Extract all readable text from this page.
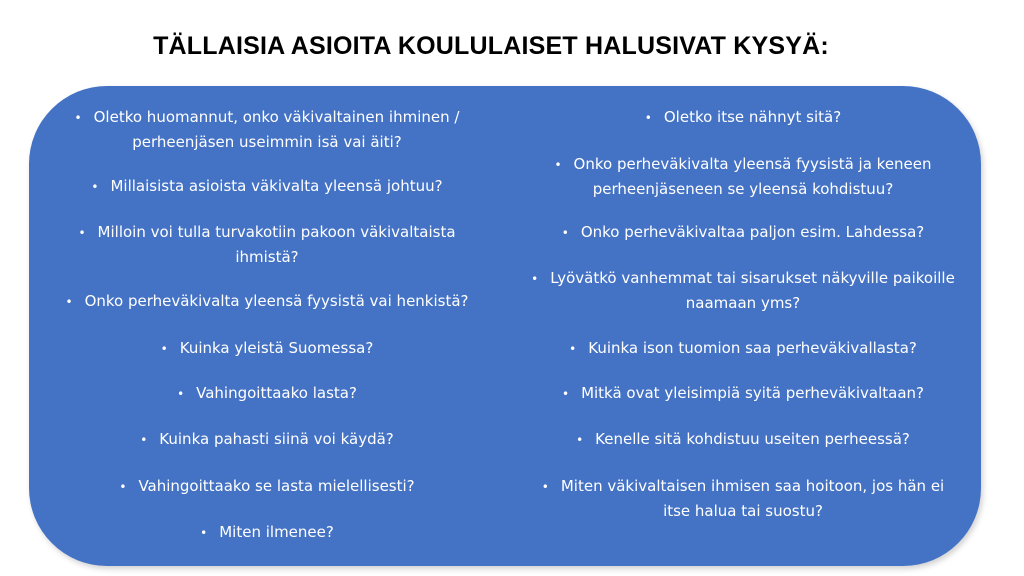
TÄLLAISIA ASIOITA KOULULAISET HALUSIVAT KYSYÄ:
• Oletko huomannut, onko väkivaltainen ihminen /
perheenjäsen useimmin isä vai äiti?
• Millaisista asioista väkivalta yleensä johtuu?
• Milloin voi tulla turvakotiin pakoon väkivaltaista
ihmistä?
• Onko perheväkivalta yleensä fyysistä vai henkistä?
• Kuinka yleistä Suomessa?
• Vahingoittaako lasta?
• Kuinka pahasti siinä voi käydä?
• Vahingoittaako se lasta mielellisesti?
• Miten ilmenee?
• Oletko itse nähnyt sitä?
• Onko perheväkivalta yleensä fyysistä ja keneen
perheenjäseneen se yleensä kohdistuu?
• Onko perheväkivaltaa paljon esim. Lahdessa?
• Lyövätkö vanhemmat tai sisarukset näkyville paikoille
naamaan yms?
• Kuinka ison tuomion saa perheväkivallasta?
• Mitkä ovat yleisimpiä syitä perheväkivaltaan?
• Kenelle sitä kohdistuu useiten perheessä?
• Miten väkivaltaisen ihmisen saa hoitoon, jos hän ei
itse halua tai suostu?
